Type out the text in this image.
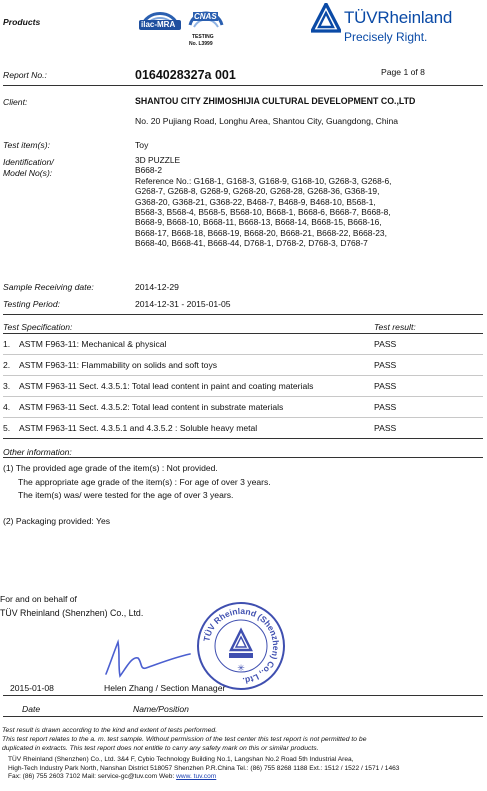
Products	ilac-MRA
CNAS
TESTING
No. L3999
TÜVRheinland
Precisely Right.
Report No.:	0164028327a 001	Page 1 of 8
Client:	SHANTOU CITY ZHIMOSHIJIA CULTURAL DEVELOPMENT CO.,LTD
No. 20 Pujiang Road, Longhu Area, Shantou City, Guangdong, China
Test item(s):	Toy
Identification/
Model No(s):
3D PUZZLE
B668-2
Reference No.: G168-1, G168-3, G168-9, G168-10, G268-3, G268-6,
G268-7, G268-8, G268-9, G268-20, G268-28, G268-36, G368-19,
G368-20, G368-21, G368-22, B468-7, B468-9, B468-10, B568-1,
B568-3, B568-4, B568-5, B568-10, B668-1, B668-6, B668-7, B668-8,
B668-9, B668-10, B668-11, B668-13, B668-14, B668-15, B668-16,
B668-17, B668-18, B668-19, B668-20, B668-21, B668-22, B668-23,
B668-40, B668-41, B668-44, D768-1, D768-2, D768-3, D768-7
Sample Receiving date:	2014-12-29
Testing Period:	2014-12-31 - 2015-01-05
Test Specification:	Test result:
1. ASTM F963-11: Mechanical & physical	PASS
2. ASTM F963-11: Flammability on solids and soft toys	PASS
3. ASTM F963-11 Sect. 4.3.5.1: Total lead content in paint and coating materials	PASS
4. ASTM F963-11 Sect. 4.3.5.2: Total lead content in substrate materials	PASS
5. ASTM F963-11 Sect. 4.3.5.1 and 4.3.5.2 : Soluble heavy metal	PASS
Other information:
(1) The provided age grade of the item(s) : Not provided.
The appropriate age grade of the item(s) : For age of over 3 years.
The item(s) was/ were tested for the age of over 3 years.
(2) Packaging provided: Yes
For and on behalf of
TÜV Rheinland (Shenzhen) Co., Ltd.
TÜV Rheinland (Shenzhen) Co., Ltd.
✳
2015-01-08	Helen Zhang / Section Manager
Date	Name/Position
Test result is drawn according to the kind and extent of tests performed.
This test report relates to the a. m. test sample. Without permission of the test center this test report is not permitted to be
duplicated in extracts. This test report does not entitle to carry any safety mark on this or similar products.
TÜV Rheinland (Shenzhen) Co., Ltd. 3&4 F, Cybio Technology Building No.1, Langshan No.2 Road 5th Industrial Area,
High-Tech Industry Park North, Nanshan District 518057 Shenzhen P.R.China Tel.: (86) 755 8268 1188 Ext.: 1512 / 1522 / 1571 / 1463
Fax: (86) 755 2603 7102 Mail: service-gc@tuv.com Web: www. tuv.com
